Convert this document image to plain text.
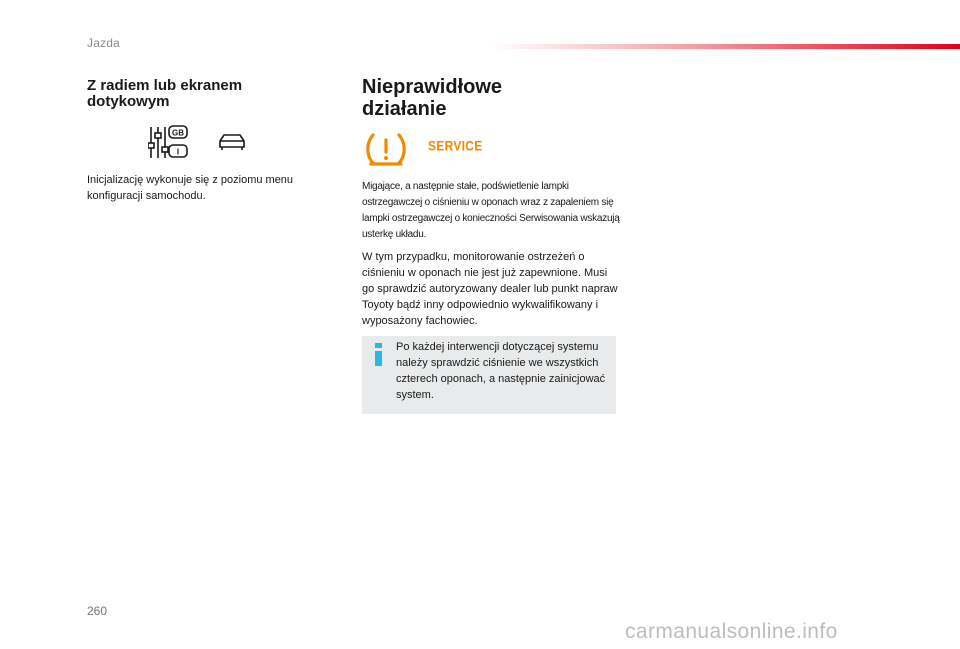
Jazda
Z radiem lub ekranem dotykowym
GB
I
Inicjalizację wykonuje się z poziomu menu konfiguracji samochodu.
Nieprawidłowe działanie
SERVICE
Migające, a następnie stałe, podświetlenie lampki ostrzegawczej o ciśnieniu w oponach wraz z zapaleniem się lampki ostrzegawczej o konieczności Serwisowania wskazują usterkę układu.
W tym przypadku, monitorowanie ostrzeżeń o ciśnieniu w oponach nie jest już zapewnione. Musi go sprawdzić autoryzowany dealer lub punkt napraw Toyoty bądź inny odpowiednio wykwalifikowany i wyposażony fachowiec.
Po każdej interwencji dotyczącej systemu należy sprawdzić ciśnienie we wszystkich czterech oponach, a następnie zainicjować system.
260
carmanualsonline.info
